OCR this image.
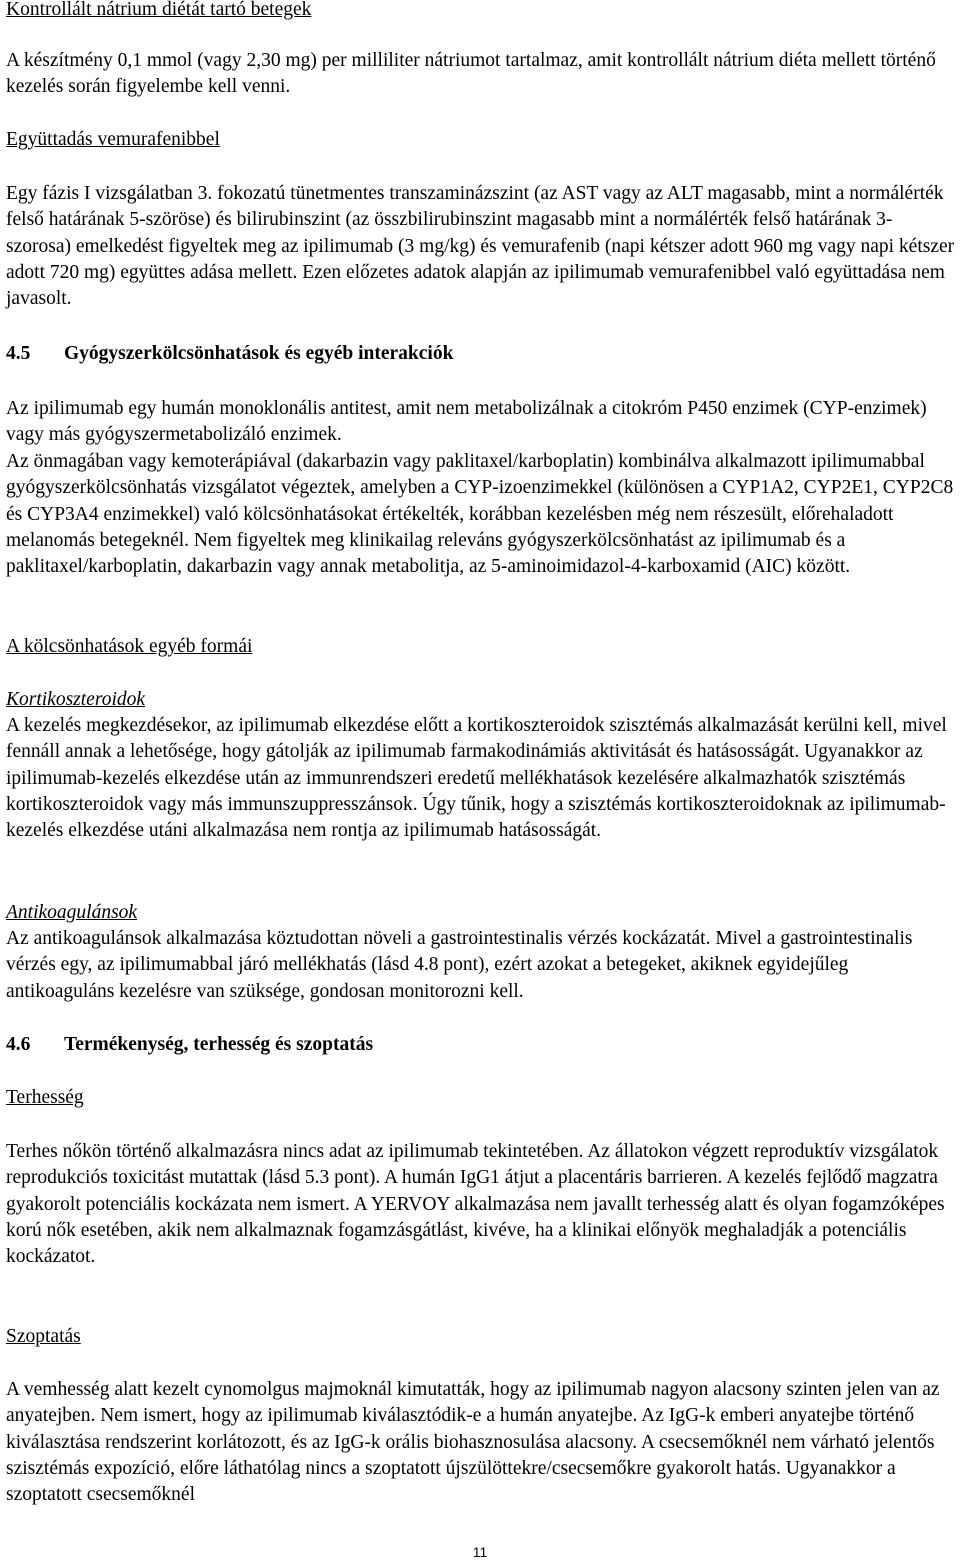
Kontrollált nátrium diétát tartó betegek

A készítmény 0,1 mmol (vagy 2,30 mg) per milliliter nátriumot tartalmaz, amit kontrollált nátrium diéta mellett történő kezelés során figyelembe kell venni.

Együttadás vemurafenibbel

Egy fázis I vizsgálatban 3. fokozatú tünetmentes transzaminázszint (az AST vagy az ALT magasabb, mint a normálérték felső határának 5-szöröse) és bilirubinszint (az összbilirubinszint magasabb mint a normálérték felső határának 3-szorosa) emelkedést figyeltek meg az ipilimumab (3 mg/kg) és vemurafenib (napi kétszer adott 960 mg vagy napi kétszer adott 720 mg) együttes adása mellett. Ezen előzetes adatok alapján az ipilimumab vemurafenibbel való együttadása nem javasolt.

4.5 Gyógyszerkölcsönhatások és egyéb interakciók

Az ipilimumab egy humán monoklonális antitest, amit nem metabolizálnak a citokróm P450 enzimek (CYP-enzimek) vagy más gyógyszermetabolizáló enzimek.

Az önmagában vagy kemoterápiával (dakarbazin vagy paklitaxel/karboplatin) kombinálva alkalmazott ipilimumabbal gyógyszerkölcsönhatás vizsgálatot végeztek, amelyben a CYP-izoenzimekkel (különösen a CYP1A2, CYP2E1, CYP2C8 és CYP3A4 enzimekkel) való kölcsönhatásokat értékelték, korábban kezelésben még nem részesült, előrehaladott melanomás betegeknél. Nem figyeltek meg klinikailag releváns gyógyszerkölcsönhatást az ipilimumab és a paklitaxel/karboplatin, dakarbazin vagy annak metabolitja, az 5-aminoimidazol-4-karboxamid (AIC) között.

A kölcsönhatások egyéb formái

Kortikoszteroidok

A kezelés megkezdésekor, az ipilimumab elkezdése előtt a kortikoszteroidok szisztémás alkalmazását kerülni kell, mivel fennáll annak a lehetősége, hogy gátolják az ipilimumab farmakodinámiás aktivitását és hatásosságát. Ugyanakkor az ipilimumab-kezelés elkezdése után az immunrendszeri eredetű mellékhatások kezelésére alkalmazhatók szisztémás kortikoszteroidok vagy más immunszuppresszánsok. Úgy tűnik, hogy a szisztémás kortikoszteroidoknak az ipilimumab-kezelés elkezdése utáni alkalmazása nem rontja az ipilimumab hatásosságát.

Antikoagulánsok

Az antikoagulánsok alkalmazása köztudottan növeli a gastrointestinalis vérzés kockázatát. Mivel a gastrointestinalis vérzés egy, az ipilimumabbal járó mellékhatás (lásd 4.8 pont), ezért azokat a betegeket, akiknek egyidejűleg antikoaguláns kezelésre van szüksége, gondosan monitorozni kell.

4.6 Termékenység, terhesség és szoptatás

Terhesség

Terhes nőkön történő alkalmazásra nincs adat az ipilimumab tekintetében. Az állatokon végzett reproduktív vizsgálatok reprodukciós toxicitást mutattak (lásd 5.3 pont). A humán IgG1 átjut a placentáris barrieren. A kezelés fejlődő magzatra gyakorolt potenciális kockázata nem ismert. A YERVOY alkalmazása nem javallt terhesség alatt és olyan fogamzóképes korú nők esetében, akik nem alkalmaznak fogamzásgátlást, kivéve, ha a klinikai előnyök meghaladják a potenciális kockázatot.

Szoptatás

A vemhesség alatt kezelt cynomolgus majmoknál kimutatták, hogy az ipilimumab nagyon alacsony szinten jelen van az anyatejben. Nem ismert, hogy az ipilimumab kiválasztódik-e a humán anyatejbe. Az IgG-k emberi anyatejbe történő kiválasztása rendszerint korlátozott, és az IgG-k orális biohasznosulása alacsony. A csecsemőknél nem várható jelentős szisztémás expozíció, előre láthatólag nincs a szoptatott újszülöttekre/csecsemőkre gyakorolt hatás. Ugyanakkor a szoptatott csecsemőknél

11
